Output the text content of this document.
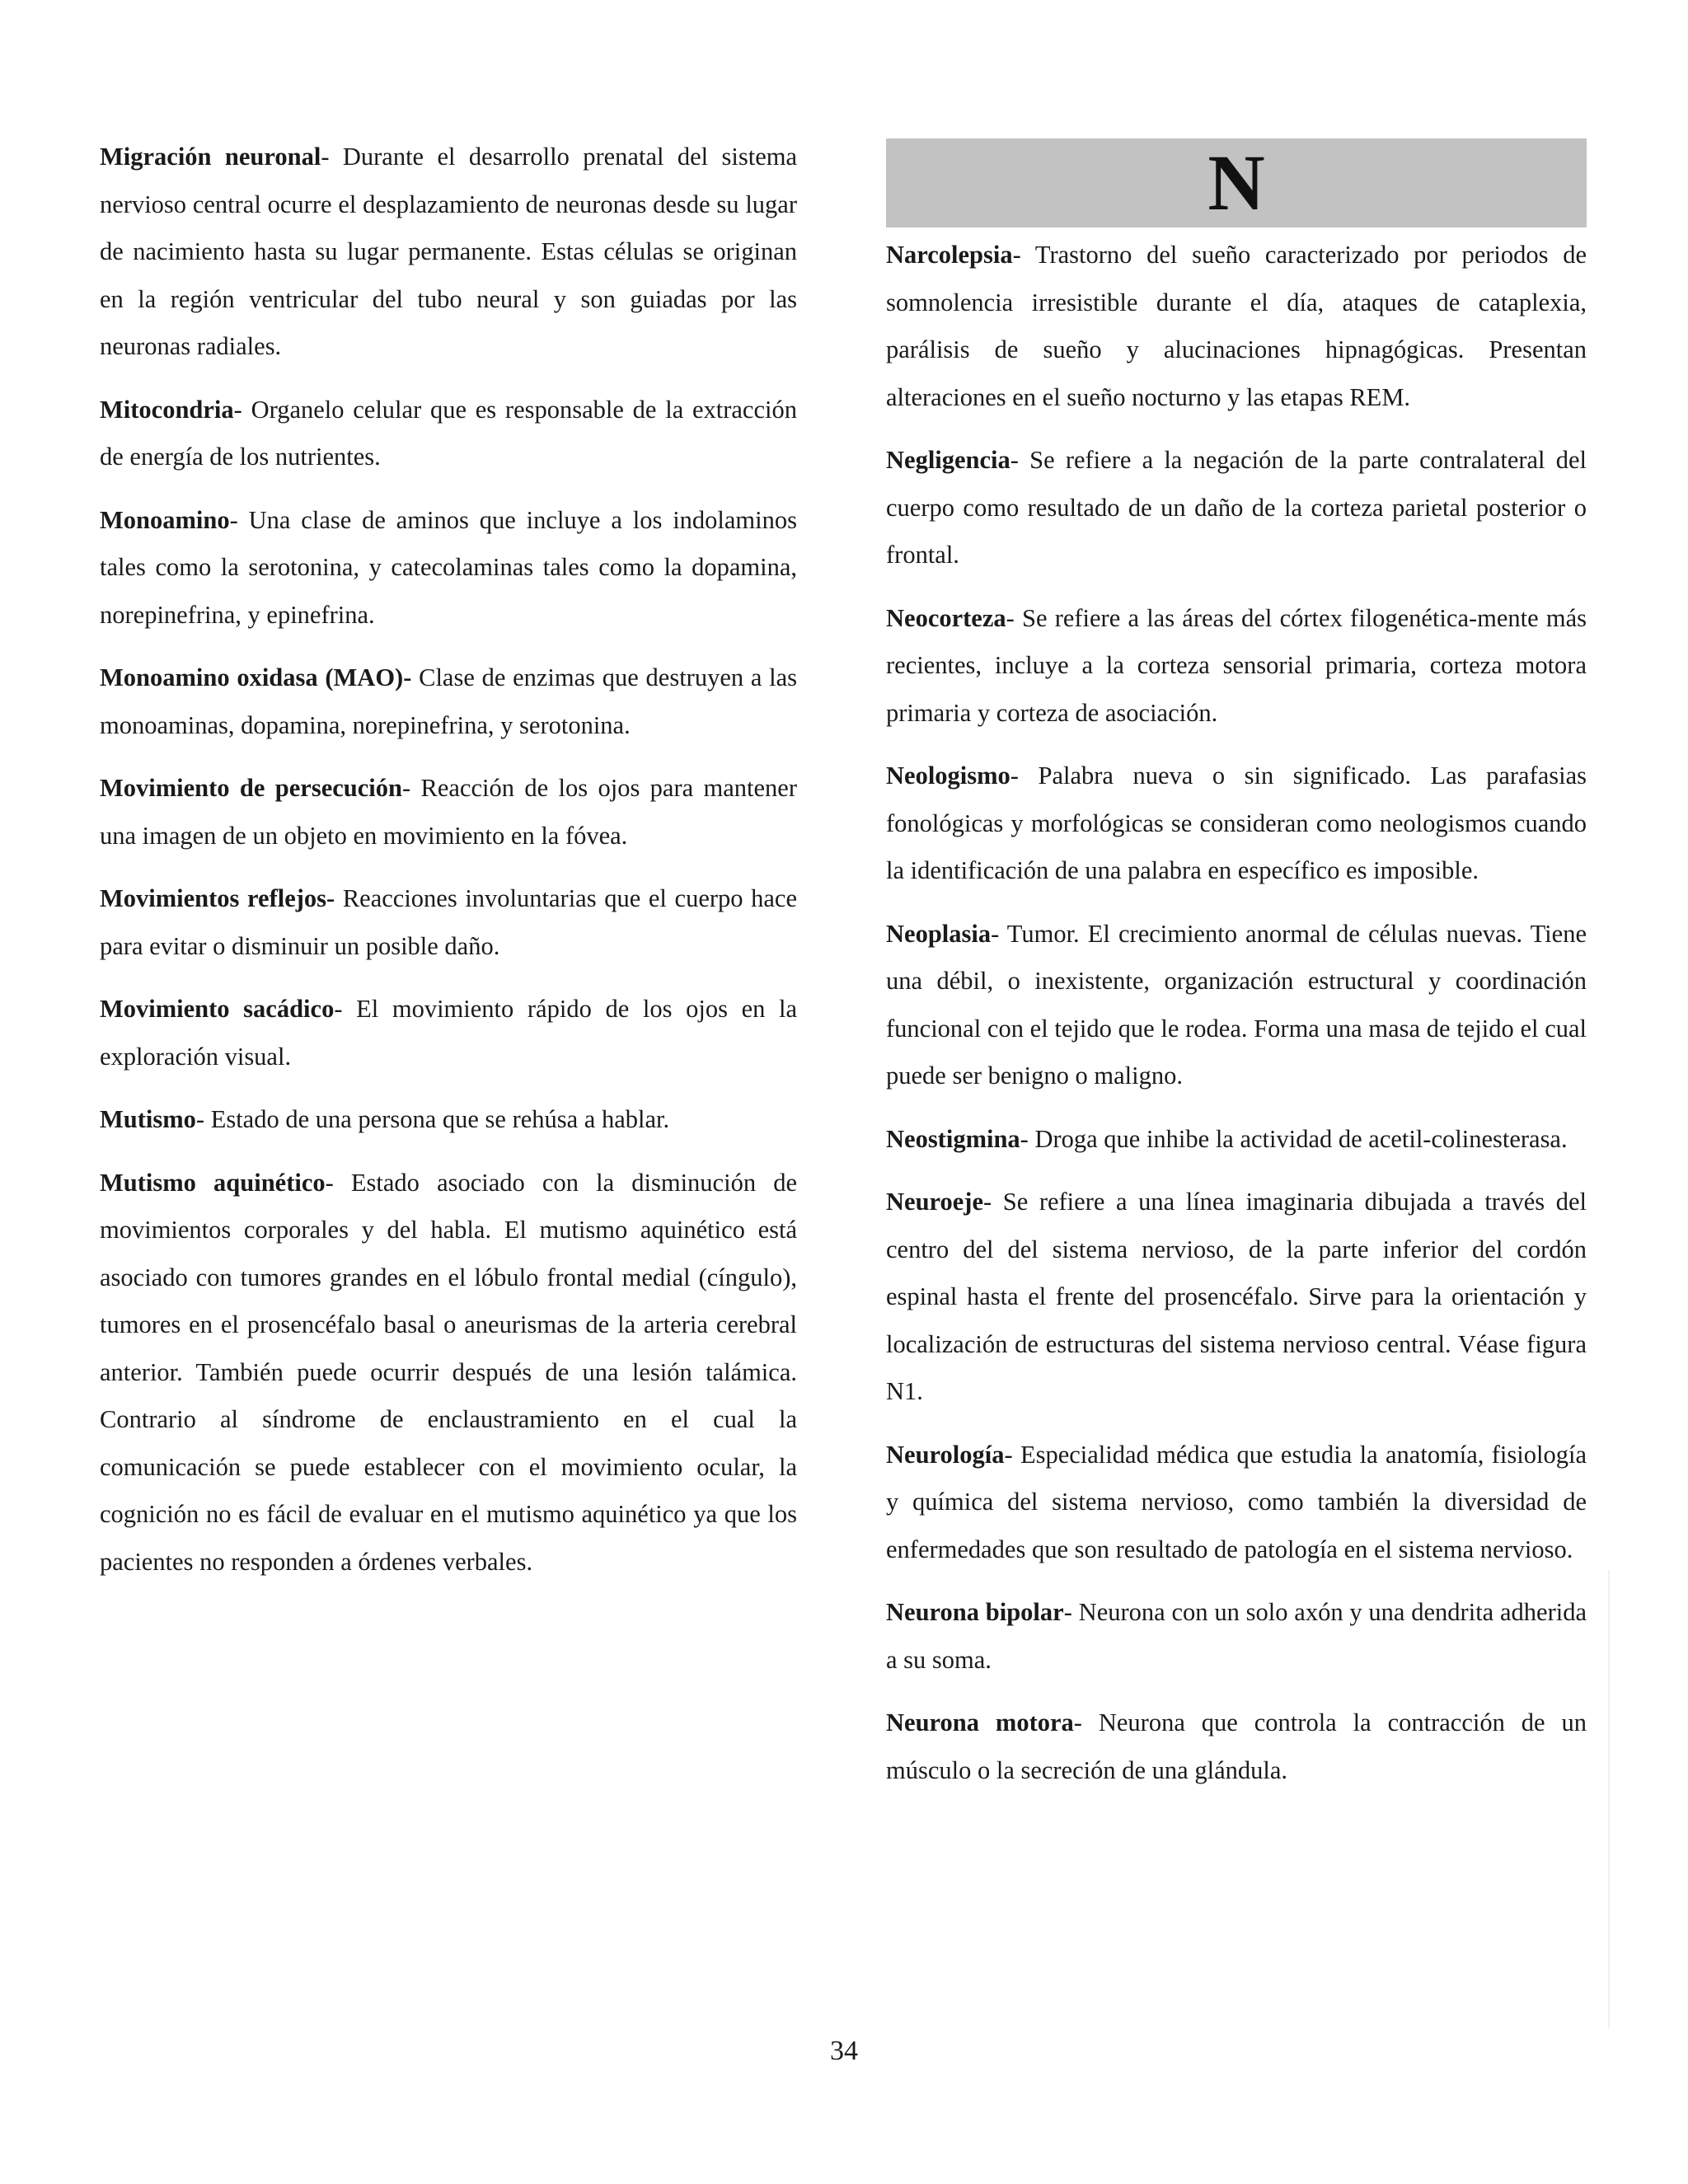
Migración neuronal- Durante el desarrollo prenatal del sistema nervioso central ocurre el desplazamiento de neuronas desde su lugar de nacimiento hasta su lugar permanente. Estas células se originan en la región ventricular del tubo neural y son guiadas por las neuronas radiales.

Mitocondria- Organelo celular que es responsable de la extracción de energía de los nutrientes.

Monoamino- Una clase de aminos que incluye a los indolaminos tales como la serotonina, y catecolaminas tales como la dopamina, norepinefrina, y epinefrina.

Monoamino oxidasa (MAO)- Clase de enzimas que destruyen a las monoaminas, dopamina, norepinefrina, y serotonina.

Movimiento de persecución- Reacción de los ojos para mantener una imagen de un objeto en movimiento en la fóvea.

Movimientos reflejos- Reacciones involuntarias que el cuerpo hace para evitar o disminuir un posible daño.

Movimiento sacádico- El movimiento rápido de los ojos en la exploración visual.

Mutismo- Estado de una persona que se rehúsa a hablar.

Mutismo aquinético- Estado asociado con la disminución de movimientos corporales y del habla. El mutismo aquinético está asociado con tumores grandes en el lóbulo frontal medial (cíngulo), tumores en el prosencéfalo basal o aneurismas de la arteria cerebral anterior. También puede ocurrir después de una lesión talámica. Contrario al síndrome de enclaustramiento en el cual la comunicación se puede establecer con el movimiento ocular, la cognición no es fácil de evaluar en el mutismo aquinético ya que los pacientes no responden a órdenes verbales.

N

Narcolepsia- Trastorno del sueño caracterizado por periodos de somnolencia irresistible durante el día, ataques de cataplexia, parálisis de sueño y alucinaciones hipnagógicas. Presentan alteraciones en el sueño nocturno y las etapas REM.

Negligencia- Se refiere a la negación de la parte contralateral del cuerpo como resultado de un daño de la corteza parietal posterior o frontal.

Neocorteza- Se refiere a las áreas del córtex filogenética-mente más recientes, incluye a la corteza sensorial primaria, corteza motora primaria y corteza de asociación.

Neologismo- Palabra nueva o sin significado. Las parafasias fonológicas y morfológicas se consideran como neologismos cuando la identificación de una palabra en específico es imposible.

Neoplasia- Tumor. El crecimiento anormal de células nuevas. Tiene una débil, o inexistente, organización estructural y coordinación funcional con el tejido que le rodea. Forma una masa de tejido el cual puede ser benigno o maligno.

Neostigmina- Droga que inhibe la actividad de acetil-colinesterasa.

Neuroeje- Se refiere a una línea imaginaria dibujada a través del centro del del sistema nervioso, de la parte inferior del cordón espinal hasta el frente del prosencéfalo. Sirve para la orientación y localización de estructuras del sistema nervioso central. Véase figura N1.

Neurología- Especialidad médica que estudia la anatomía, fisiología y química del sistema nervioso, como también la diversidad de enfermedades que son resultado de patología en el sistema nervioso.

Neurona bipolar- Neurona con un solo axón y una dendrita adherida a su soma.

Neurona motora- Neurona que controla la contracción de un músculo o la secreción de una glándula.

34
